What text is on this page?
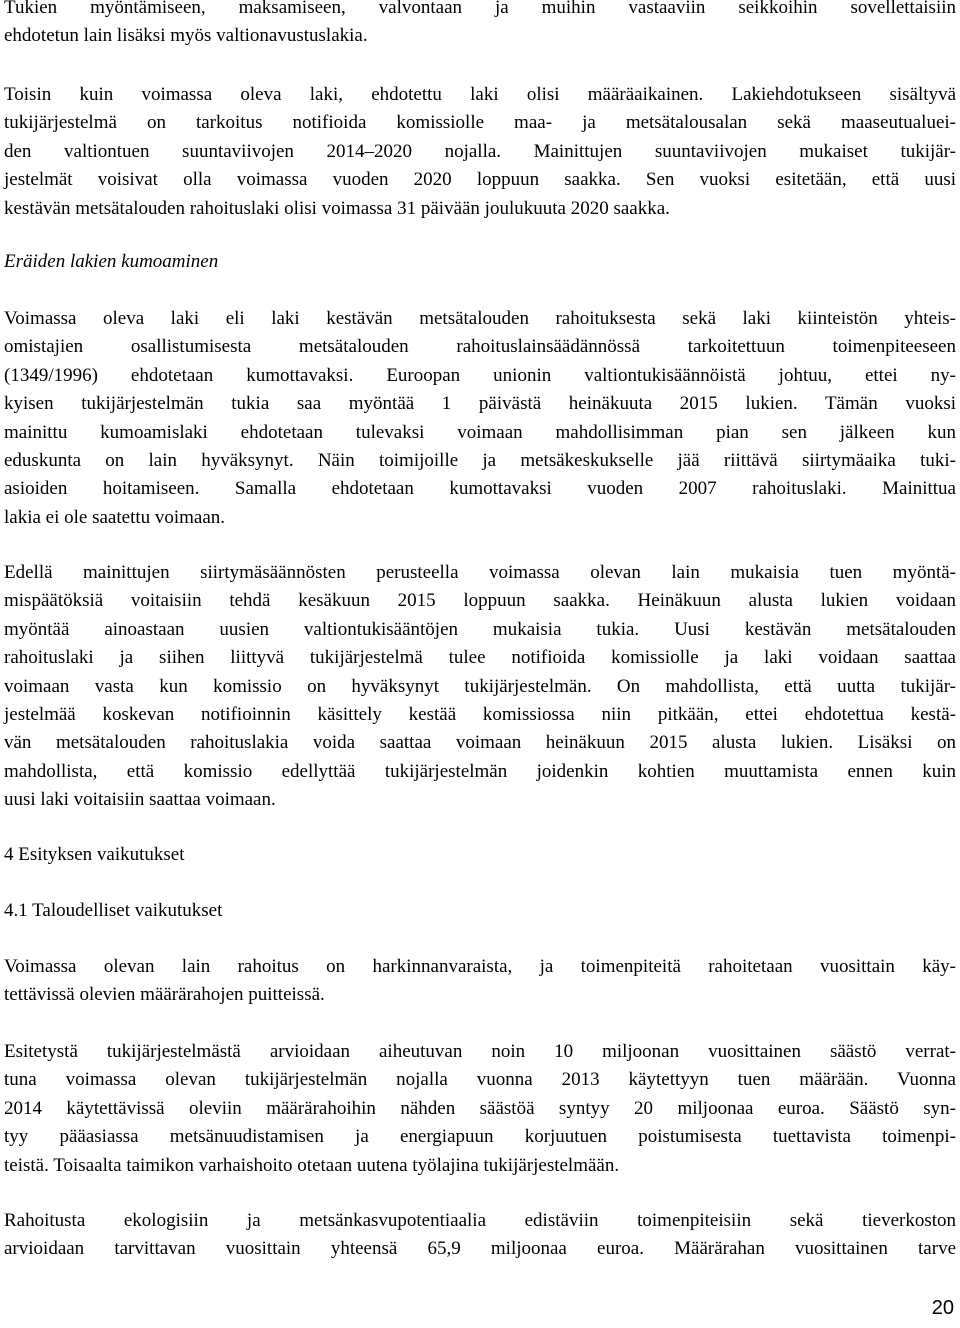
Tukien myöntämiseen, maksamiseen, valvontaan ja muihin vastaaviin seikkoihin sovellettaisiin
ehdotetun lain lisäksi myös valtionavustuslakia.
Toisin kuin voimassa oleva laki, ehdotettu laki olisi määräaikainen. Lakiehdotukseen sisältyvä
tukijärjestelmä on tarkoitus notifioida komissiolle maa- ja metsätalousalan sekä maaseutualuei-
den valtiontuen suuntaviivojen 2014–2020 nojalla. Mainittujen suuntaviivojen mukaiset tukijär-
jestelmät voisivat olla voimassa vuoden 2020 loppuun saakka. Sen vuoksi esitetään, että uusi
kestävän metsätalouden rahoituslaki olisi voimassa 31 päivään joulukuuta 2020 saakka.
Eräiden lakien kumoaminen
Voimassa oleva laki eli laki kestävän metsätalouden rahoituksesta sekä laki kiinteistön yhteis-
omistajien osallistumisesta metsätalouden rahoituslainsäädännössä tarkoitettuun toimenpiteeseen
(1349/1996) ehdotetaan kumottavaksi. Euroopan unionin valtiontukisäännöistä johtuu, ettei ny-
kyisen tukijärjestelmän tukia saa myöntää 1 päivästä heinäkuuta 2015 lukien. Tämän vuoksi
mainittu kumoamislaki ehdotetaan tulevaksi voimaan mahdollisimman pian sen jälkeen kun
eduskunta on lain hyväksynyt. Näin toimijoille ja metsäkeskukselle jää riittävä siirtymäaika tuki-
asioiden hoitamiseen. Samalla ehdotetaan kumottavaksi vuoden 2007 rahoituslaki. Mainittua
lakia ei ole saatettu voimaan.
Edellä mainittujen siirtymäsäännösten perusteella voimassa olevan lain mukaisia tuen myöntä-
mispäätöksiä voitaisiin tehdä kesäkuun 2015 loppuun saakka. Heinäkuun alusta lukien voidaan
myöntää ainoastaan uusien valtiontukisääntöjen mukaisia tukia. Uusi kestävän metsätalouden
rahoituslaki ja siihen liittyvä tukijärjestelmä tulee notifioida komissiolle ja laki voidaan saattaa
voimaan vasta kun komissio on hyväksynyt tukijärjestelmän. On mahdollista, että uutta tukijär-
jestelmää koskevan notifioinnin käsittely kestää komissiossa niin pitkään, ettei ehdotettua kestä-
vän metsätalouden rahoituslakia voida saattaa voimaan heinäkuun 2015 alusta lukien. Lisäksi on
mahdollista, että komissio edellyttää tukijärjestelmän joidenkin kohtien muuttamista ennen kuin
uusi laki voitaisiin saattaa voimaan.
4 Esityksen vaikutukset
4.1 Taloudelliset vaikutukset
Voimassa olevan lain rahoitus on harkinnanvaraista, ja toimenpiteitä rahoitetaan vuosittain käy-
tettävissä olevien määrärahojen puitteissä.
Esitetystä tukijärjestelmästä arvioidaan aiheutuvan noin 10 miljoonan vuosittainen säästö verrat-
tuna voimassa olevan tukijärjestelmän nojalla vuonna 2013 käytettyyn tuen määrään. Vuonna
2014 käytettävissä oleviin määrärahoihin nähden säästöä syntyy 20 miljoonaa euroa. Säästö syn-
tyy pääasiassa metsänuudistamisen ja energiapuun korjuutuen poistumisesta tuettavista toimenpi-
teistä. Toisaalta taimikon varhaishoito otetaan uutena työlajina tukijärjestelmään.
Rahoitusta ekologisiin ja metsänkasvupotentiaalia edistäviin toimenpiteisiin sekä tieverkoston
arvioidaan tarvittavan vuosittain yhteensä 65,9 miljoonaa euroa. Määrärahan vuosittainen tarve
20
